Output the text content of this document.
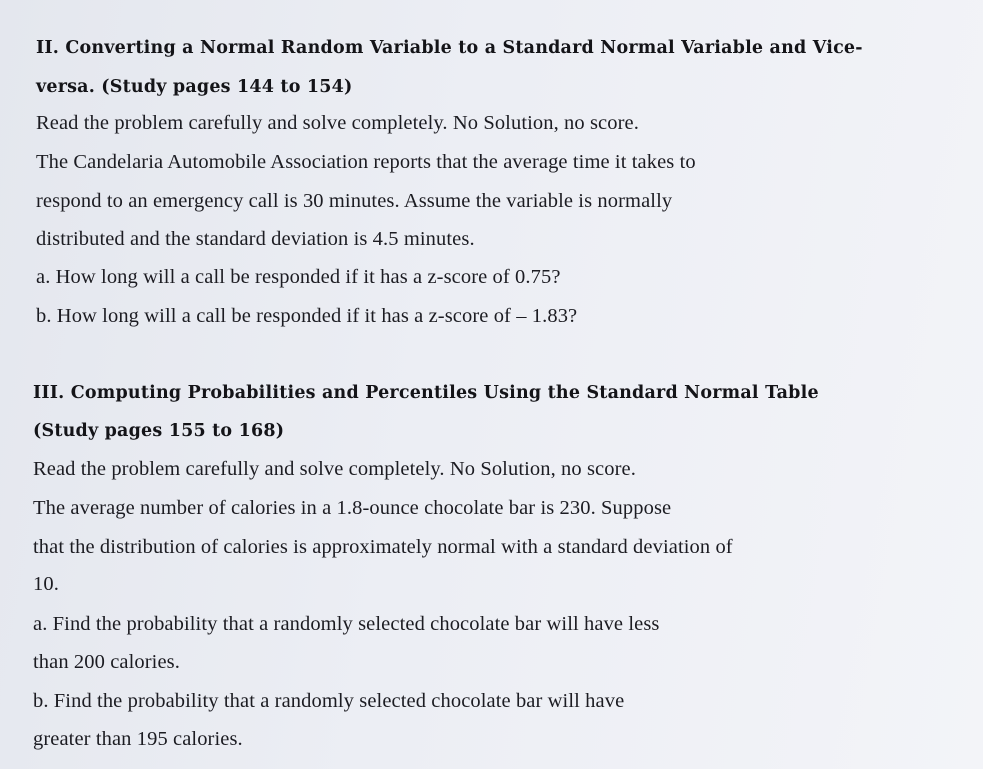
II. Converting a Normal Random Variable to a Standard Normal Variable and Vice-
versa. (Study pages 144 to 154)
Read the problem carefully and solve completely. No Solution, no score.
The Candelaria Automobile Association reports that the average time it takes to
respond to an emergency call is 30 minutes. Assume the variable is normally
distributed and the standard deviation is 4.5 minutes.
a. How long will a call be responded if it has a z-score of 0.75?
b. How long will a call be responded if it has a z-score of – 1.83?
III. Computing Probabilities and Percentiles Using the Standard Normal Table
(Study pages 155 to 168)
Read the problem carefully and solve completely. No Solution, no score.
The average number of calories in a 1.8-ounce chocolate bar is 230. Suppose
that the distribution of calories is approximately normal with a standard deviation of
10.
a. Find the probability that a randomly selected chocolate bar will have less
than 200 calories.
b. Find the probability that a randomly selected chocolate bar will have
greater than 195 calories.
